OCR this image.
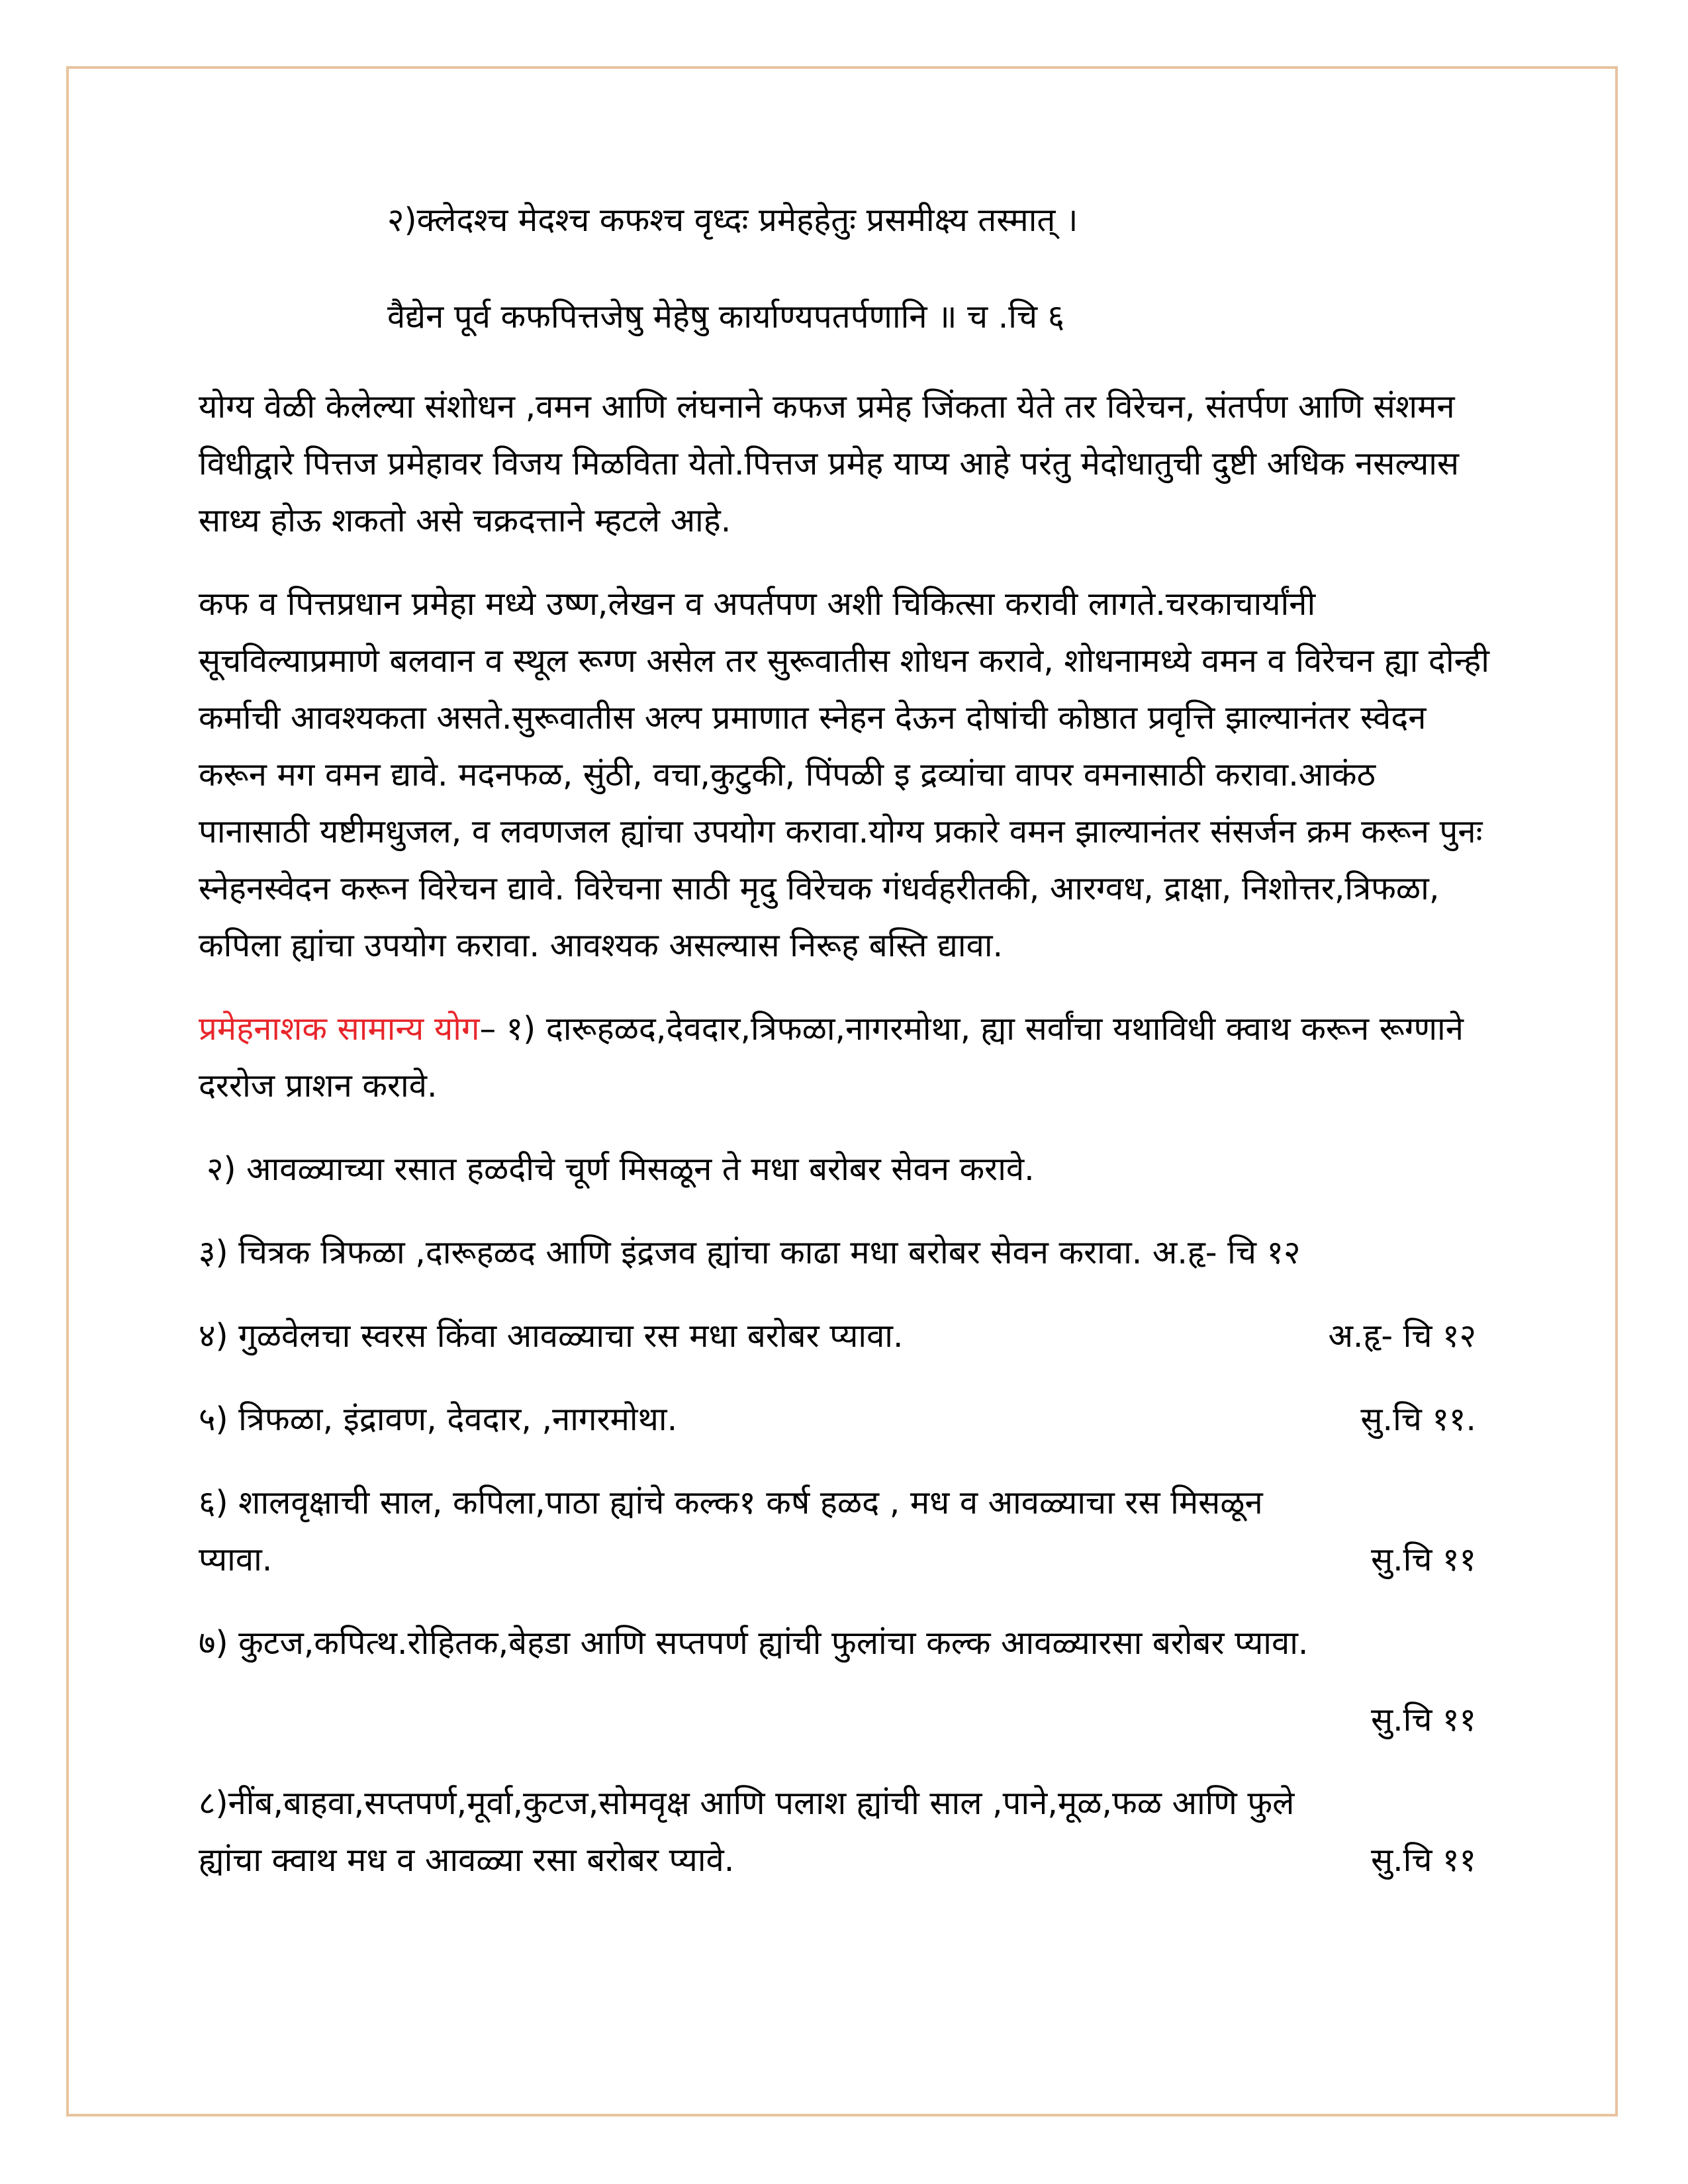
२)क्लेदश्च मेदश्च कफश्च वृध्दः प्रमेहहेतुः प्रसमीक्ष्य तस्मात् ।

वैद्येन पूर्व कफपित्तजेषु मेहेषु कार्याण्यपतर्पणानि ॥ च .चि ६

योग्य वेळी केलेल्या संशोधन ,वमन आणि लंघनाने कफज प्रमेह जिंकता येते तर विरेचन, संतर्पण आणि संशमन विधीद्वारे पित्तज प्रमेहावर विजय मिळविता येतो.पित्तज प्रमेह याप्य आहे परंतु मेदोधातुची दुष्टी अधिक नसल्यास साध्य होऊ शकतो असे चक्रदत्ताने म्हटले आहे.

कफ व पित्तप्रधान प्रमेहा मध्ये उष्ण,लेखन व अपर्तपण अशी चिकित्सा करावी लागते.चरकाचार्यांनी सूचविल्याप्रमाणे बलवान व स्थूल रूग्ण असेल तर सुरूवातीस शोधन करावे, शोधनामध्ये वमन व विरेचन ह्या दोन्ही कर्माची आवश्यकता असते.सुरूवातीस अल्प प्रमाणात स्नेहन देऊन दोषांची कोष्ठात प्रवृत्ति झाल्यानंतर स्वेदन करून मग वमन द्यावे. मदनफळ, सुंठी, वचा,कुटुकी, पिंपळी इ द्रव्यांचा वापर वमनासाठी करावा.आकंठ पानासाठी यष्टीमधुजल, व लवणजल ह्यांचा उपयोग करावा.योग्य प्रकारे वमन झाल्यानंतर संसर्जन क्रम करून पुनः स्नेहनस्वेदन करून विरेचन द्यावे. विरेचना साठी मृदु विरेचक गंधर्वहरीतकी, आरग्वध, द्राक्षा, निशोत्तर,त्रिफळा, कपिला ह्यांचा उपयोग करावा. आवश्यक असल्यास निरूह बस्ति द्यावा.

प्रमेहनाशक सामान्य योग– १) दारूहळद,देवदार,त्रिफळा,नागरमोथा, ह्या सर्वांचा यथाविधी क्वाथ करून रूग्णाने दररोज प्राशन करावे.

२) आवळ्याच्या रसात हळदीचे चूर्ण मिसळून ते मधा बरोबर सेवन करावे.

३) चित्रक त्रिफळा ,दारूहळद आणि इंद्रजव ह्यांचा काढा मधा बरोबर सेवन करावा. अ.हृ- चि १२

४) गुळवेलचा स्वरस किंवा आवळ्याचा रस मधा बरोबर प्यावा.	अ.हृ- चि १२
५) त्रिफळा, इंद्रावण, देवदार, ,नागरमोथा.	सु.चि ११.

६) शालवृक्षाची साल, कपिला,पाठा ह्यांचे कल्क१ कर्ष हळद , मध व आवळ्याचा रस मिसळून

प्यावा.	सु.चि ११

७) कुटज,कपित्थ.रोहितक,बेहडा आणि सप्तपर्ण ह्यांची फुलांचा कल्क आवळ्यारसा बरोबर प्यावा.

सु.चि ११

८)नींब,बाहवा,सप्तपर्ण,मूर्वा,कुटज,सोमवृक्ष आणि पलाश ह्यांची साल ,पाने,मूळ,फळ आणि फुले

ह्यांचा क्वाथ मध व आवळ्या रसा बरोबर प्यावे.	सु.चि ११
